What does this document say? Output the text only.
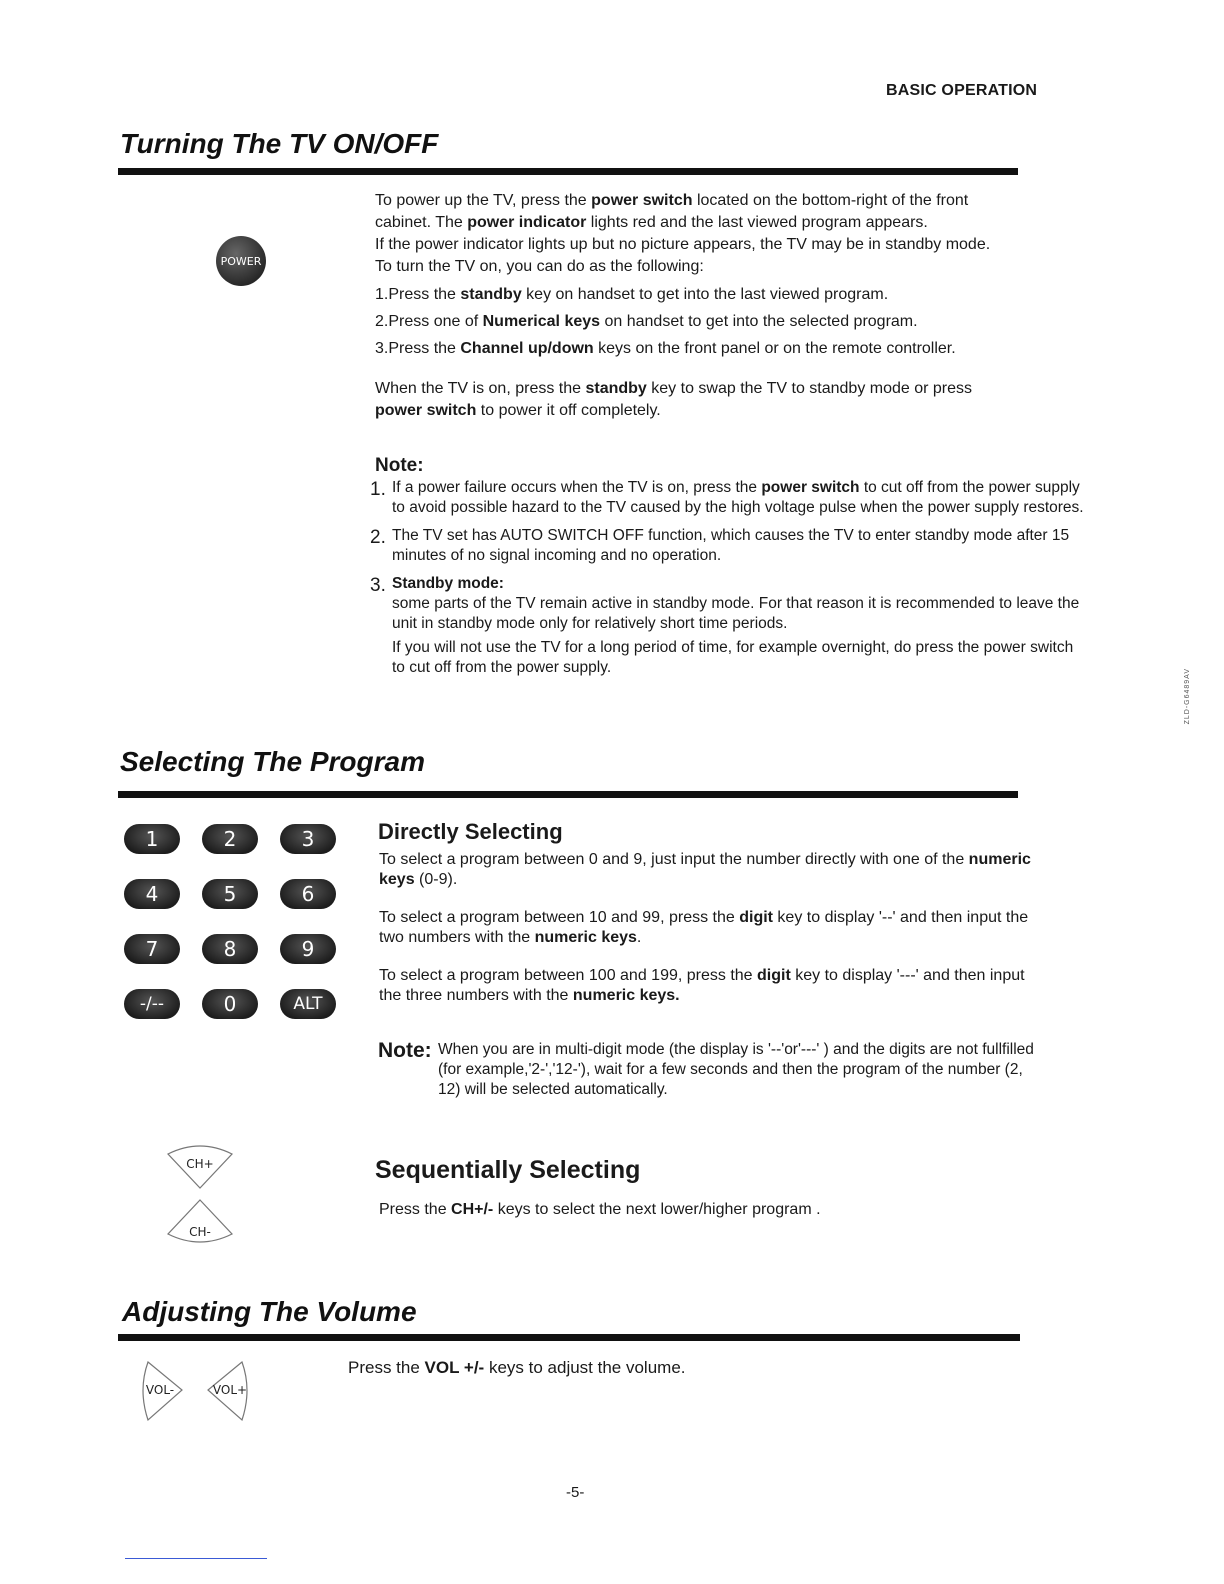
BASIC OPERATION
ZLD-G6489AV
Turning The TV ON/OFF
POWER

To power up the TV, press the power switch located on the bottom-right of the front cabinet. The power indicator lights red and the last viewed program appears.

If the power indicator lights up but no picture appears, the TV may be in standby mode.

To turn the TV on, you can do as the following:

1.Press the standby key on handset to get into the last viewed program.

2.Press one of Numerical keys on handset to get into the selected program.

3.Press the Channel up/down keys on the front panel or on the remote controller.

When the TV is on, press the standby key to swap the TV to standby mode or press power switch to power it off completely.

Note:
1. If a power failure occurs when the TV is on, press the power switch to cut off from the power supply to avoid possible hazard to the TV caused by the high voltage pulse when the power supply restores.
2. The TV set has AUTO SWITCH OFF function, which causes the TV to enter standby mode after 15 minutes of no signal incoming and no operation.
3. Standby mode:
some parts of the TV remain active in standby mode. For that reason it is recommended to leave the unit in standby mode only for relatively short time periods.

If you will not use the TV for a long period of time, for example overnight, do press the power switch to cut off from the power supply.

Selecting The Program
1	2	3
4	5	6
7	8	9
-/--	0	ALT
Directly Selecting

To select a program between 0 and 9, just input the number directly with one of the numeric keys (0-9).

To select a program between 10 and 99, press the digit key to display '--' and then input the two numbers with the numeric keys.

To select a program between 100 and 199, press the digit key to display '---' and then input the three numbers with the numeric keys.

Note: When you are in multi-digit mode (the display is '--'or'---' ) and the digits are not fullfilled (for example,'2-','12-'), wait for a few seconds and then the program of the number (2, 12) will be selected automatically.
CH+
CH-
Sequentially Selecting
Press the CH+/- keys to select the next lower/higher program .
Adjusting The Volume
VOL-	VOL+
Press the VOL +/- keys to adjust the volume.
-5-
